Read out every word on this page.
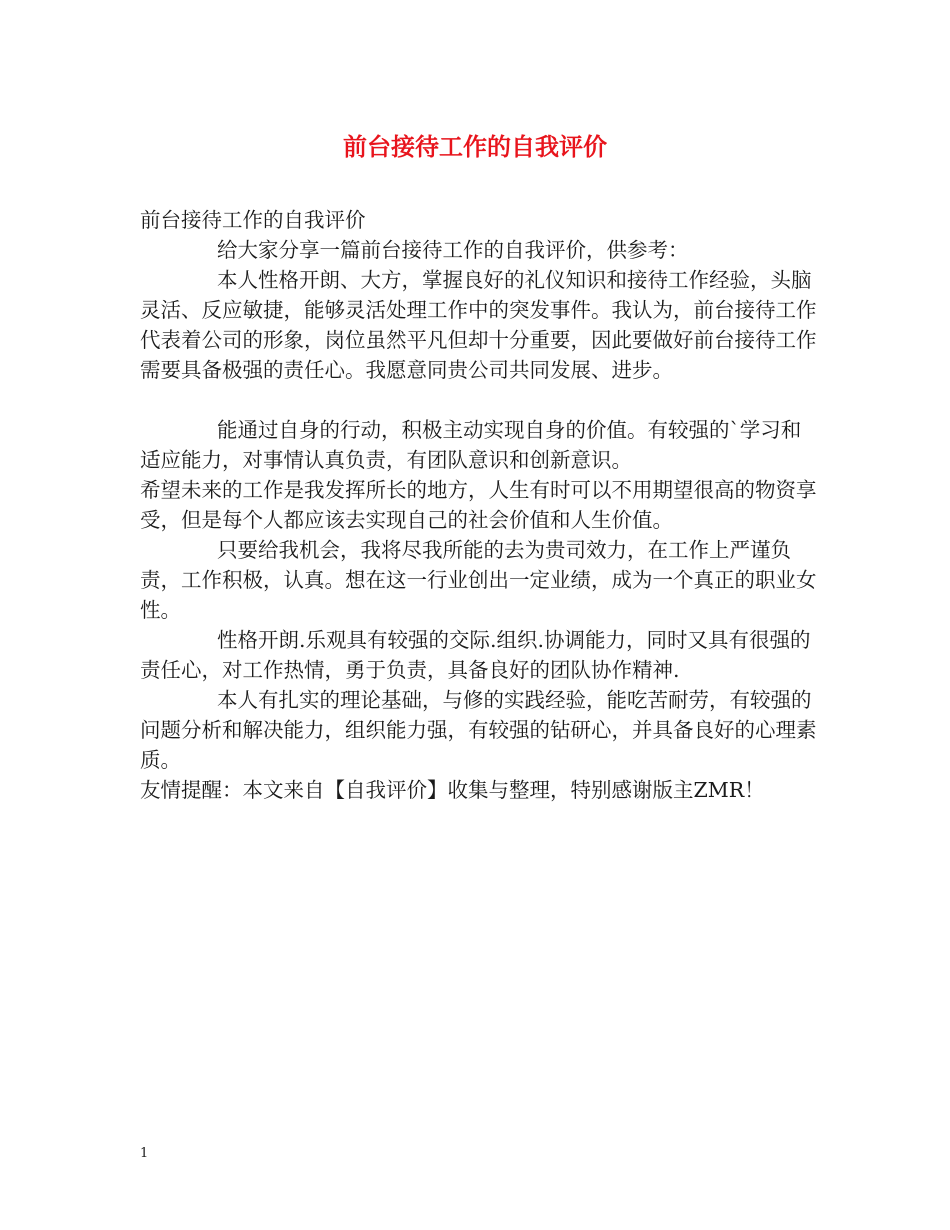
前台接待工作的自我评价

前台接待工作的自我评价

给大家分享一篇前台接待工作的自我评价，供参考：

本人性格开朗、大方，掌握良好的礼仪知识和接待工作经验，头脑灵活、反应敏捷，能够灵活处理工作中的突发事件。我认为，前台接待工作代表着公司的形象，岗位虽然平凡但却十分重要，因此要做好前台接待工作需要具备极强的责任心。我愿意同贵公司共同发展、进步。

能通过自身的行动，积极主动实现自身的价值。有较强的`学习和适应能力，对事情认真负责，有团队意识和创新意识。

希望未来的工作是我发挥所长的地方，人生有时可以不用期望很高的物资享受，但是每个人都应该去实现自己的社会价值和人生价值。

只要给我机会，我将尽我所能的去为贵司效力，在工作上严谨负责，工作积极，认真。想在这一行业创出一定业绩，成为一个真正的职业女性。

性格开朗.乐观具有较强的交际.组织.协调能力，同时又具有很强的责任心，对工作热情，勇于负责，具备良好的团队协作精神.

本人有扎实的理论基础，与修的实践经验，能吃苦耐劳，有较强的问题分析和解决能力，组织能力强，有较强的钻研心，并具备良好的心理素质。

友情提醒：本文来自【自我评价】收集与整理，特别感谢版主ZMR！

1
